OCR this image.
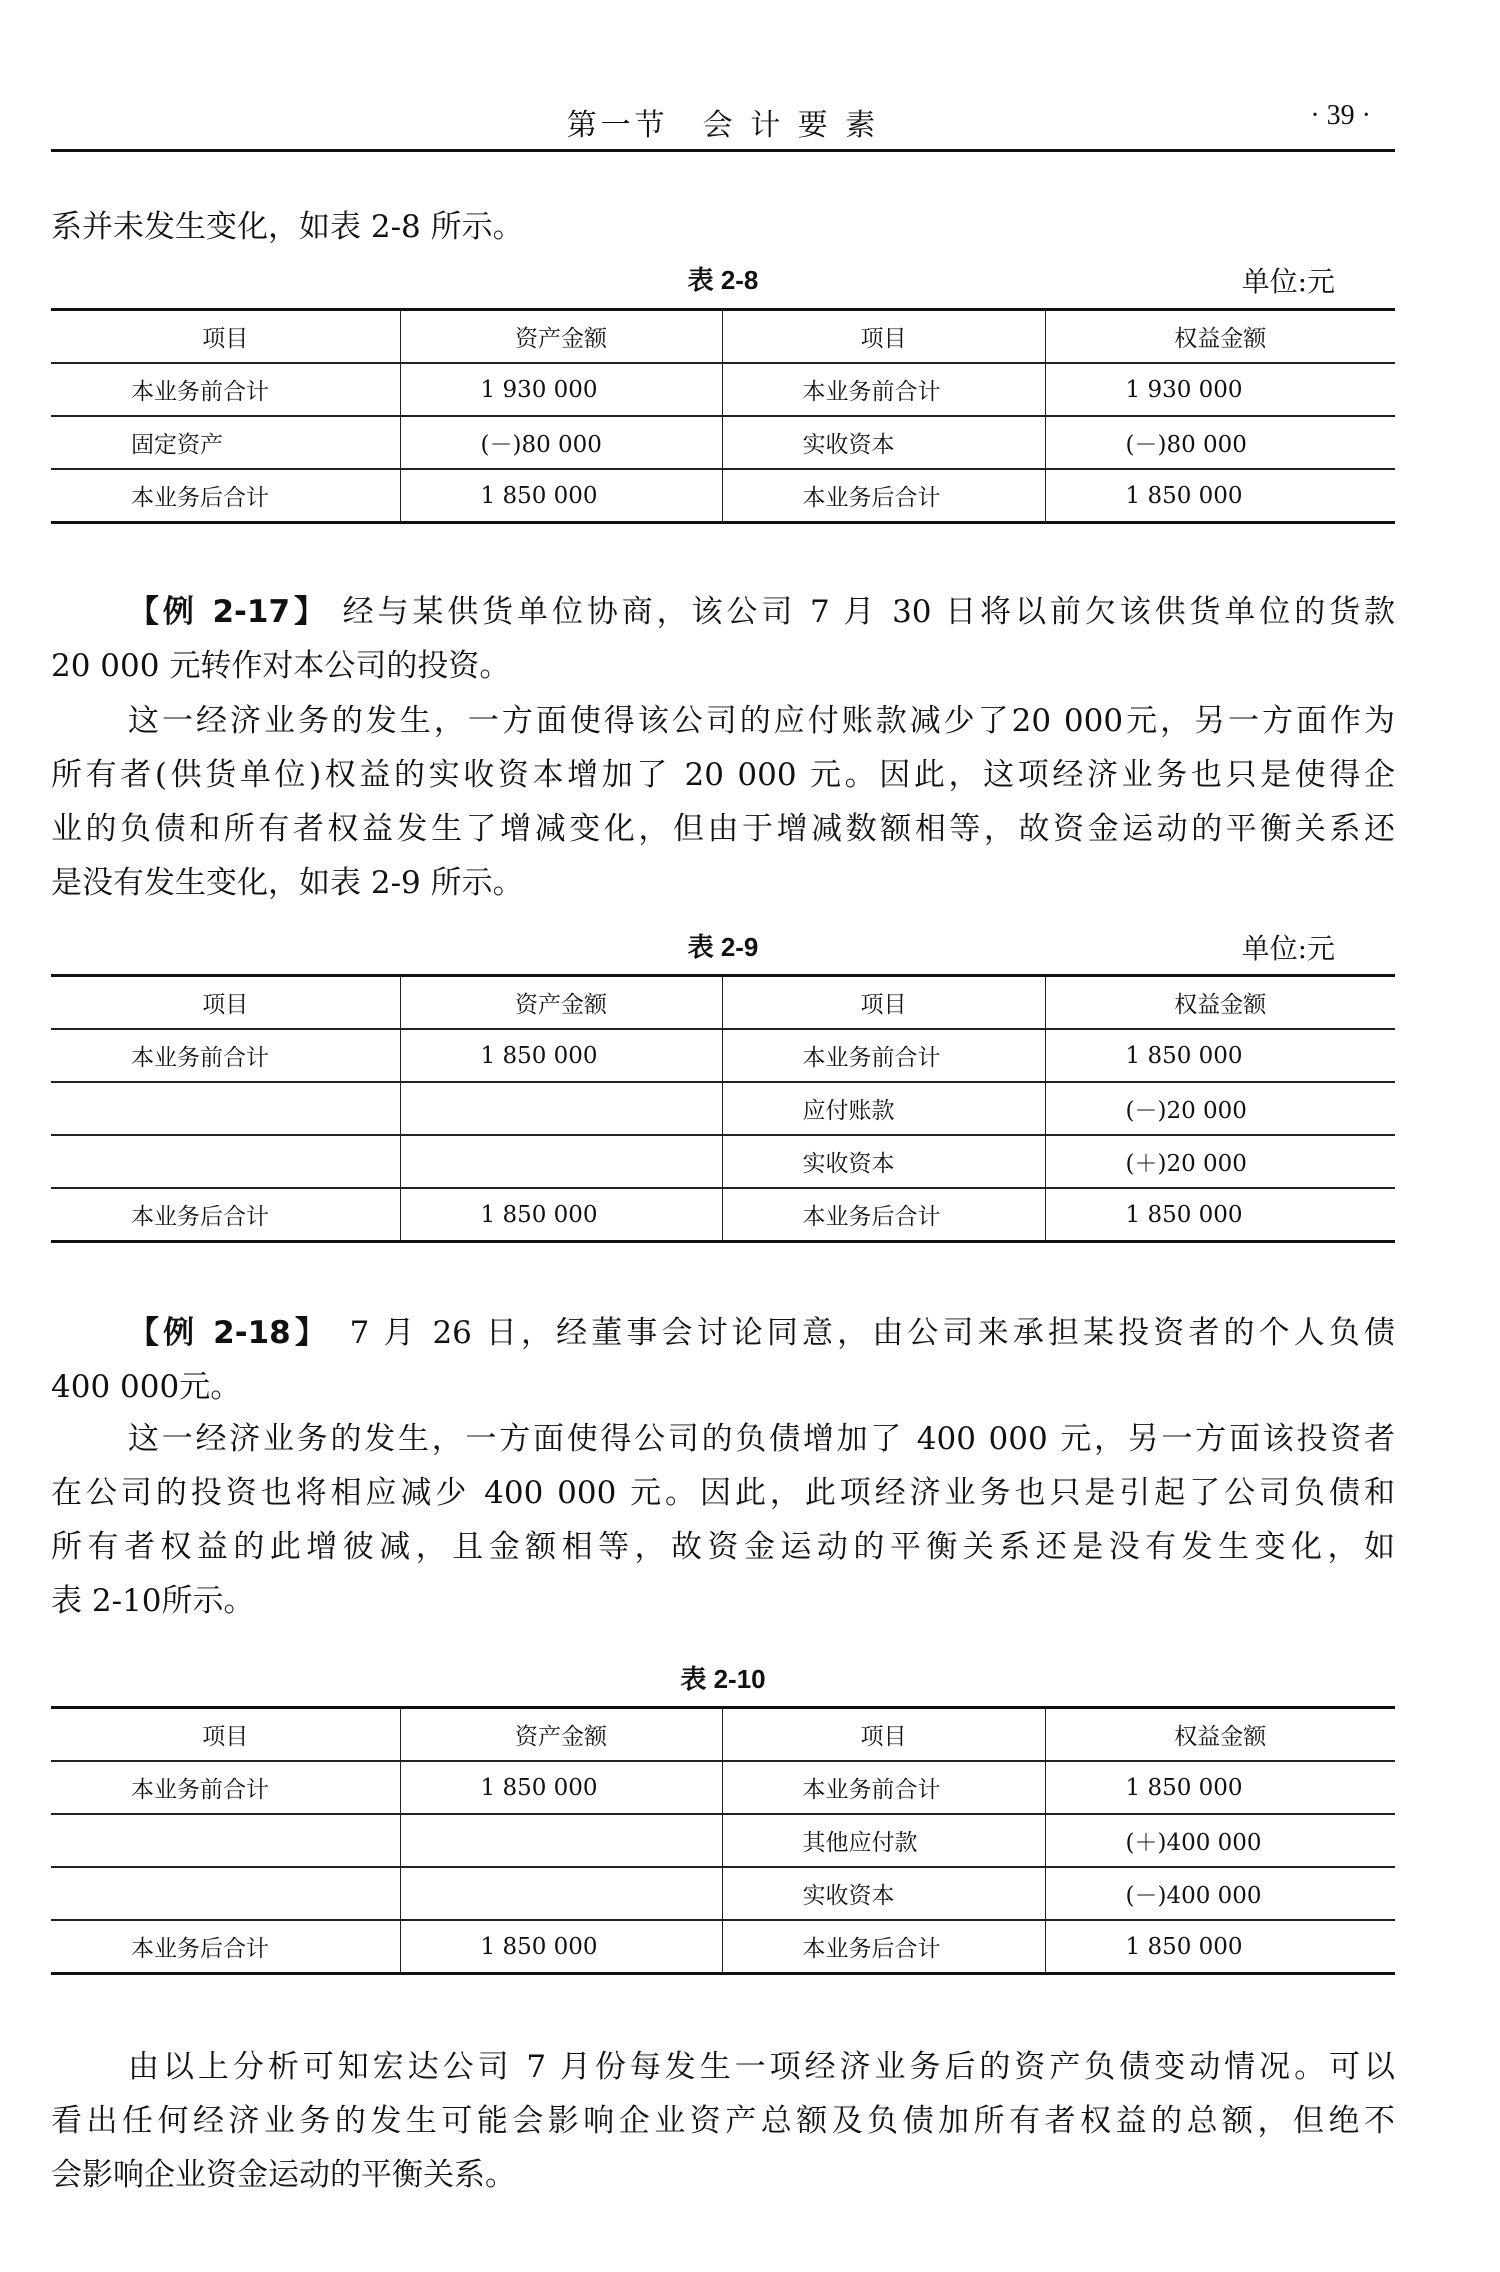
第一节　会 计 要 素	· 39 ·
系并未发生变化，如表 2-8 所示。
表 2-8	单位:元
项目	资产金额	项目	权益金额
本业务前合计	1 930 000	本业务前合计	1 930 000
固定资产	(－)80 000	实收资本	(－)80 000
本业务后合计	1 850 000	本业务后合计	1 850 000
【例 2-17】 经与某供货单位协商，该公司 7 月 30 日将以前欠该供货单位的货款
20 000 元转作对本公司的投资。
这一经济业务的发生，一方面使得该公司的应付账款减少了20 000元，另一方面作为
所有者(供货单位)权益的实收资本增加了 20 000 元。因此，这项经济业务也只是使得企
业的负债和所有者权益发生了增减变化，但由于增减数额相等，故资金运动的平衡关系还
是没有发生变化，如表 2-9 所示。
表 2-9	单位:元
项目	资产金额	项目	权益金额
本业务前合计	1 850 000	本业务前合计	1 850 000
		应付账款	(－)20 000
		实收资本	(＋)20 000
本业务后合计	1 850 000	本业务后合计	1 850 000
【例 2-18】　 7 月 26 日，经董事会讨论同意，由公司来承担某投资者的个人负债
400 000元。
这一经济业务的发生，一方面使得公司的负债增加了 400 000 元，另一方面该投资者
在公司的投资也将相应减少 400 000 元。因此，此项经济业务也只是引起了公司负债和
所有者权益的此增彼减，且金额相等，故资金运动的平衡关系还是没有发生变化，如
表 2-10所示。
表 2-10
项目	资产金额	项目	权益金额
本业务前合计	1 850 000	本业务前合计	1 850 000
		其他应付款	(＋)400 000
		实收资本	(－)400 000
本业务后合计	1 850 000	本业务后合计	1 850 000
由以上分析可知宏达公司 7 月份每发生一项经济业务后的资产负债变动情况。可以
看出任何经济业务的发生可能会影响企业资产总额及负债加所有者权益的总额，但绝不
会影响企业资金运动的平衡关系。
